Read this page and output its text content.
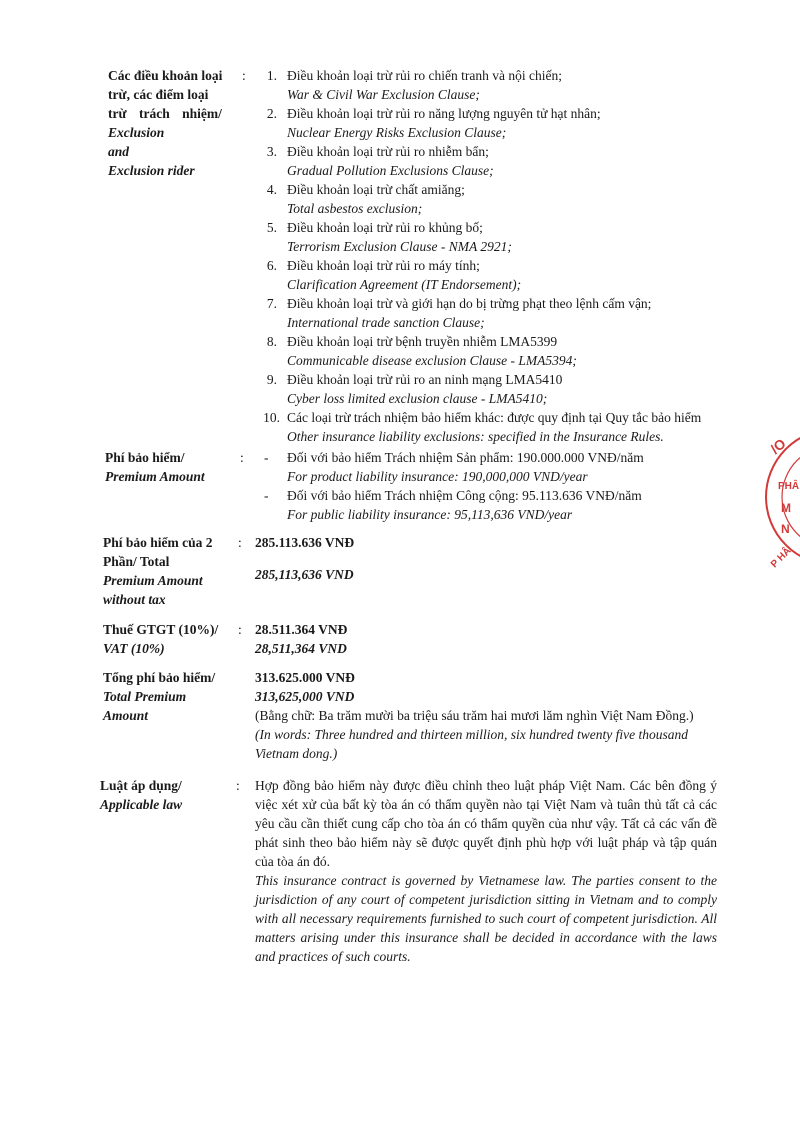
Các điều khoản loại
trừ, các điểm loại
trừ trách nhiệm/
Exclusion and
Exclusion rider
:	1. Điều khoản loại trừ rủi ro chiến tranh và nội chiến;
War & Civil War Exclusion Clause;
2. Điều khoản loại trừ rủi ro năng lượng nguyên tử hạt nhân;
Nuclear Energy Risks Exclusion Clause;
3. Điều khoản loại trừ rủi ro nhiễm bẩn;
Gradual Pollution Exclusions Clause;
4. Điều khoản loại trừ chất amiăng;
Total asbestos exclusion;
5. Điều khoản loại trừ rủi ro khủng bố;
Terrorism Exclusion Clause - NMA 2921;
6. Điều khoản loại trừ rủi ro máy tính;
Clarification Agreement (IT Endorsement);
7. Điều khoản loại trừ và giới hạn do bị trừng phạt theo lệnh cấm vận;
International trade sanction Clause;
8. Điều khoản loại trừ bệnh truyền nhiễm LMA5399
Communicable disease exclusion Clause - LMA5394;
9. Điều khoản loại trừ rủi ro an ninh mạng LMA5410
Cyber loss limited exclusion clause - LMA5410;
10. Các loại trừ trách nhiệm bảo hiểm khác: được quy định tại Quy tắc bảo hiểm
Other insurance liability exclusions: specified in the Insurance Rules.
Phí bảo hiểm/
Premium Amount
: - Đối với bảo hiểm Trách nhiệm Sản phẩm: 190.000.000 VNĐ/năm
For product liability insurance: 190,000,000 VND/year
- Đối với bảo hiểm Trách nhiệm Công cộng: 95.113.636 VNĐ/năm
For public liability insurance: 95,113,636 VND/year
Phí bảo hiểm của 2
Phần/ Total
Premium Amount
without tax
: 285.113.636 VNĐ
285,113,636 VND
Thuế GTGT (10%)/
VAT (10%)
: 28.511.364 VNĐ
28,511,364 VND
Tổng phí bảo hiểm/
Total Premium
Amount
313.625.000 VNĐ
313,625,000 VND
(Bằng chữ: Ba trăm mười ba triệu sáu trăm hai mươi lăm nghìn Việt Nam Đồng.)
(In words: Three hundred and thirteen million, six hundred twenty five thousand Vietnam dong.)
Luật áp dụng/
Applicable law
: Hợp đồng bảo hiểm này được điều chỉnh theo luật pháp Việt Nam. Các bên đồng ý việc xét xử của bất kỳ tòa án có thẩm quyền nào tại Việt Nam và tuân thủ tất cả các yêu cầu cần thiết cung cấp cho tòa án có thẩm quyền của như vậy. Tất cả các vấn đề phát sinh theo bảo hiểm này sẽ được quyết định phù hợp với luật pháp và tập quán của tòa án đó.
This insurance contract is governed by Vietnamese law. The parties consent to the jurisdiction of any court of competent jurisdiction sitting in Vietnam and to comply with all necessary requirements furnished to such court of competent jurisdiction. All matters arising under this insurance shall be decided in accordance with the laws and practices of such courts.
/O
PHÂ
M
N
P HÂ
